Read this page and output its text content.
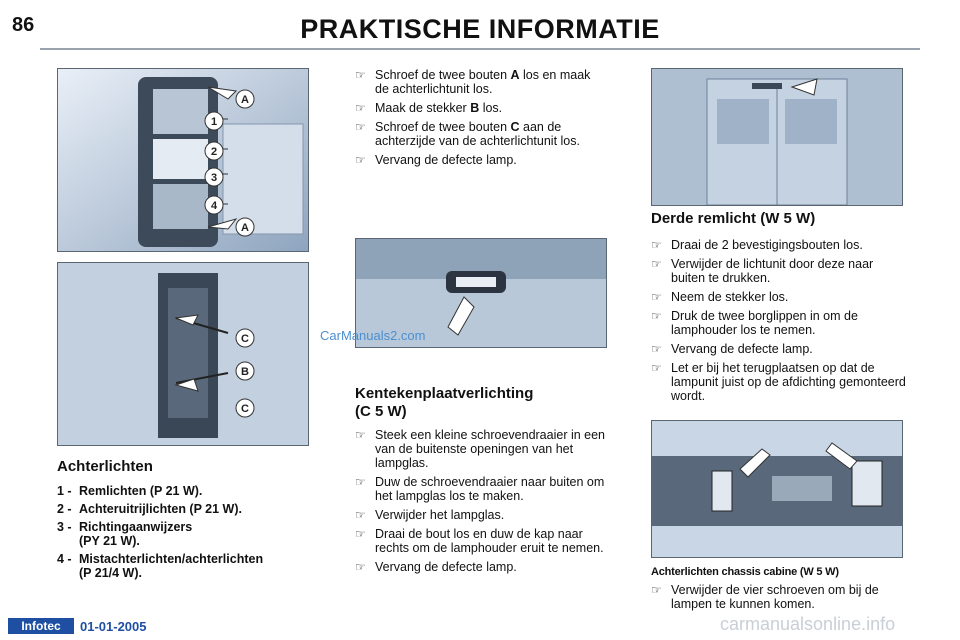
86	PRAKTISCHE INFORMATIE
A
1
2
3
4
A
C
B
C
Achterlichten
1 - Remlichten (P 21 W).
2 - Achteruitrijlichten (P 21 W).
3 - Richtingaanwijzers
(PY 21 W).
4 - Mistachterlichten/achterlichten
(P 21/4 W).
☞ Schroef de twee bouten A los en maak de achterlichtunit los.
☞ Maak de stekker B los.
☞ Schroef de twee bouten C aan de achterzijde van de achterlichtunit los.
☞ Vervang de defecte lamp.
CarManuals2.com
Kentekenplaatverlichting
(C 5 W)
☞ Steek een kleine schroevendraaier in een van de buitenste openingen van het lampglas.
☞ Duw de schroevendraaier naar buiten om het lampglas los te maken.
☞ Verwijder het lampglas.
☞ Draai de bout los en duw de kap naar rechts om de lamphouder eruit te nemen.
☞ Vervang de defecte lamp.
Derde remlicht (W 5 W)
☞ Draai de 2 bevestigingsbouten los.
☞ Verwijder de lichtunit door deze naar buiten te drukken.
☞ Neem de stekker los.
☞ Druk de twee borglippen in om de lamphouder los te nemen.
☞ Vervang de defecte lamp.
☞ Let er bij het terugplaatsen op dat de lampunit juist op de afdichting gemonteerd wordt.
Achterlichten chassis cabine (W 5 W)
☞ Verwijder de vier schroeven om bij de lampen te kunnen komen.
Infotec	01-01-2005	carmanualsonline.info
